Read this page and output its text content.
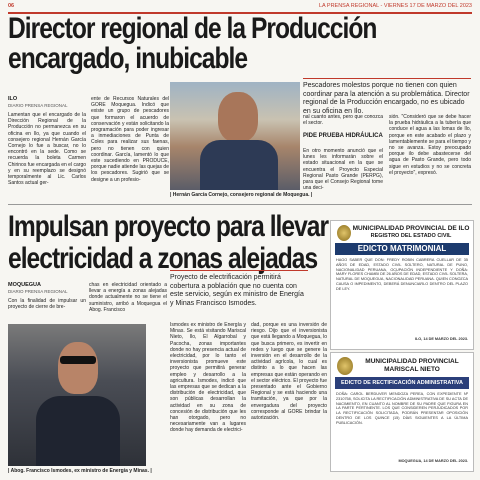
06	LA PRENSA REGIONAL - VIERNES 17 DE MARZO DEL 2023
Director regional de la Producción encargado, inubicable
ILO
DIARIO PRENSA REGIONAL
Lamentan que el encargado de la Dirección Regional de la Producción no permanezca en su oficina en Ilo, ya que cuando el consejero regional Hernán García Cornejo lo fue a buscar, no lo encontró en la sede. Como se recuerda la boleta Carmen Chirinos fue encargada en el cargo y en su reemplazo se designó temporalmente al Lic. Carlos Santos actual ger-
ente de Recursos Naturales del GORE Moquegua. Indicó que existe un grupo de pescadores que formaron el acuerdo de conservación y están solicitando la programación para poder ingresar a inmediaciones de Punta de Coles para realizar sus faenas, pero no tienen con quien coordinar. García, lamentó lo que este sucediendo en PRODUCE, porque nadie atiende las quejas de los pescadores. Sugirió que se designe a un profesio-
| Hernán García Cornejo, consejero regional de Moquegua. |
Pescadores molestos porque no tienen con quien coordinar para la atención a su problemática. Director regional de la Producción encargado, no es ubicado en su oficina en Ilo.
nal cuanto antes, pero que conozca el sector.
PIDE PRUEBA HIDRÁULICA
En otro momento anunció que el lunes les informarán sobre el estado situacional en la que se encuentra el Proyecto Especial Regional Pasto Grande (PERPG), para que el Consejo Regional tome una deci-
sión. "Consideró que se debe hacer la prueba hidráulica a la tubería que conduce el agua a las lomas de Ilo, porque en este acabado el plazo y lamentablemente se para el tiempo y no se avanza. Estoy preocupado porque ilo debe abastecerse del agua de Pasto Grande, pero todo sigue en estudios y no se concreta el proyecto", expresó.
Impulsan proyecto para llevar
electricidad a zonas alejadas
MOQUEGUA
DIARIO PRENSA REGIONAL
Con la finalidad de impulsar un proyecto de cierre de bre-
chas en electricidad orientado a llevar a energía a zonas alejadas donde actualmente no se tiene el suministro, arribó a Moquegua el Abog. Francisco
Proyecto de electrificación permitirá cobertura a población que no cuenta con este servicio, según ex ministro de Energía y Minas Francisco Ismodes.
| Abog. Francisco Ismodes, ex ministro de Energía y Minas. |
Ismodes ex ministro de Energía y Minas. Se está visitando Mariscal Nieto, Ilo, El Algarrobal y Pacocha, zonas importantes donde no hay presencia actual de electricidad, por lo tanto el inversionista promueve este proyecto que permitirá generar empleo y desarrollo a la agricultura. Ismodes, indicó que las empresas que se dedican a la distribución de electricidad, que son públicas desarrollan la actividad en su zona de concesión de distribución que les han otorgado, pero no necesariamente van a lugares donde hay demanda de electrici-
dad, porque es una inversión de riesgo. Dijo que el inversionista que está llegando a Moquegua, lo que busca primero, es invertir en redes y luego que se genere la inversión en el desarrollo de la actividad agrícola, lo cual es distinto a lo que hacen las empresas que están operando en el sector eléctrico. El proyecto fue presentado ante el Gobierno Regional y se está haciendo una tramitación, ya que por la envergadura del proyecto corresponde al GORE brindar la autorización.
MUNICIPALIDAD PROVINCIAL DE ILO
REGISTRO DEL ESTADO CIVIL
EDICTO MATRIMONIAL
HAGO SABER QUE DON: FREDY ROBIN CABRERA CUELLAR DE 35 AÑOS DE EDAD, ESTADO CIVIL SOLTERO, NATURAL DE PUNO, NACIONALIDAD PERUANA, OCUPACIÓN INDEPENDIENTE Y DOÑA: MARY FLORES CHAMBI DE 26 AÑOS DE EDAD, ESTADO CIVIL SOLTERA, NATURAL DE MOQUEGUA, NACIONALIDAD PERUANA. QUIEN CONOZCA CAUSA O IMPEDIMENTO, DEBERÁ DENUNCIARLO DENTRO DEL PLAZO DE LEY.
ILO, 14 DE MARZO DEL 2023.
MUNICIPALIDAD PROVINCIAL
MARISCAL NIETO
EDICTO DE RECTIFICACIÓN ADMINISTRATIVA
DOÑA: CAROL BERDUVER MENDOZA PEREA, CON EXPEDIENTE Nº 2310758, SOLICITA LA RECTIFICACIÓN ADMINISTRATIVA DE SU ACTA DE NACIMIENTO, EN CUANTO AL NOMBRE DE SU PADRE QUE FIGURA EN LA PARTE PERTINENTE. LOS QUE CONSIDEREN PERJUDICADOS POR LA RECTIFICACIÓN SOLICITADA, PODRÁN PRESENTAR OPOSICIÓN DENTRO DE LOS QUINCE (15) DÍAS SIGUIENTES A LA ÚLTIMA PUBLICACIÓN.
MOQUEGUA, 14 DE MARZO DEL 2023.
